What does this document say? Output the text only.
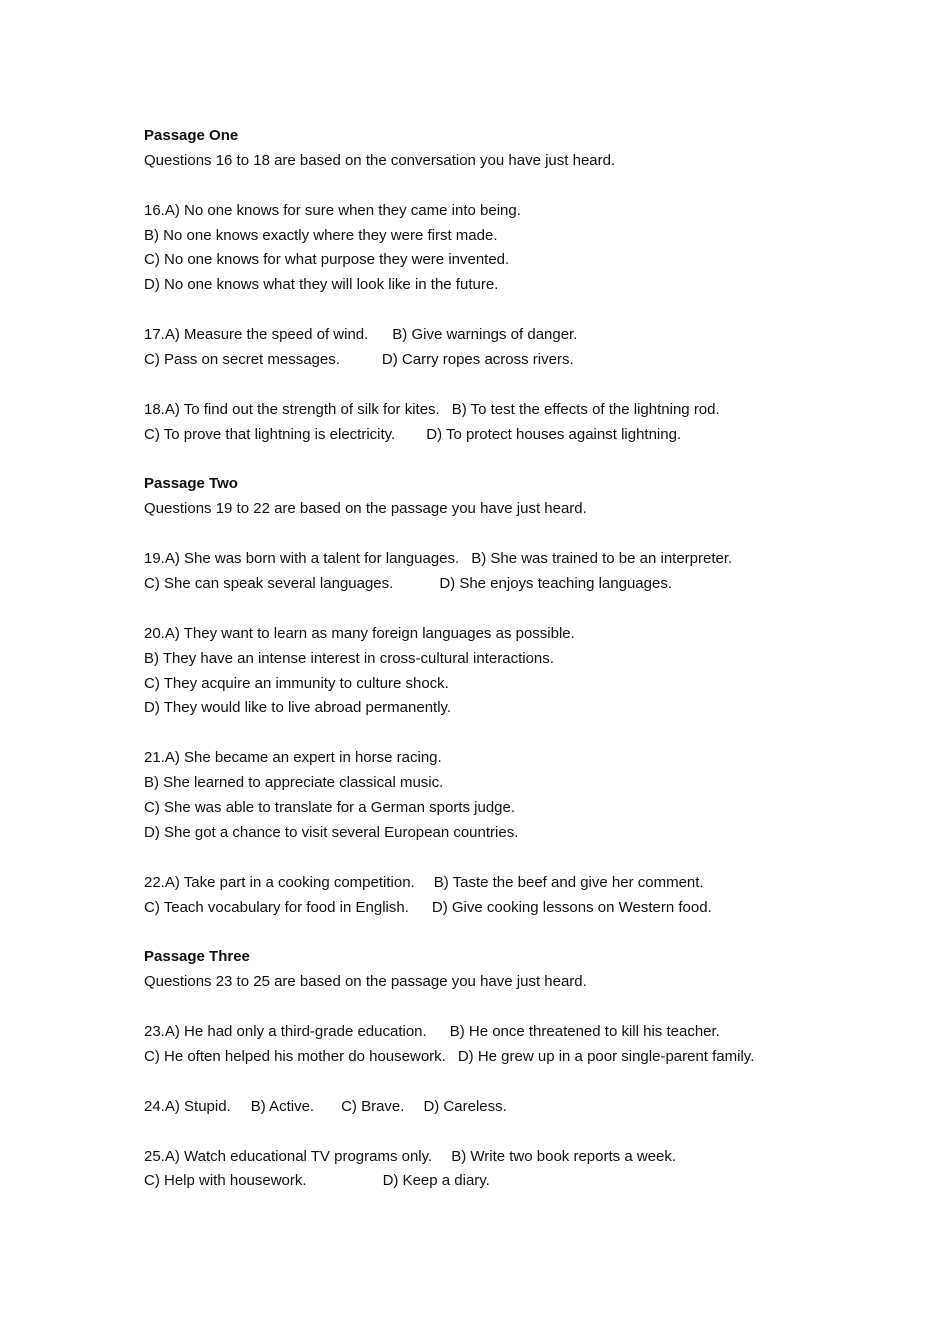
Passage One
Questions 16 to 18 are based on the conversation you have just heard.
16.A) No one knows for sure when they came into being.
B) No one knows exactly where they were first made.
C) No one knows for what purpose they were invented.
D) No one knows what they will look like in the future.
17.A) Measure the speed of wind. B) Give warnings of danger.
C) Pass on secret messages.	D) Carry ropes across rivers.
18.A) To find out the strength of silk for kites. B) To test the effects of the lightning rod.
C) To prove that lightning is electricity. D) To protect houses against lightning.
Passage Two
Questions 19 to 22 are based on the passage you have just heard.
19.A) She was born with a talent for languages. B) She was trained to be an interpreter.
C) She can speak several languages.	D) She enjoys teaching languages.
20.A) They want to learn as many foreign languages as possible.
B) They have an intense interest in cross-cultural interactions.
C) They acquire an immunity to culture shock.
D) They would like to live abroad permanently.
21.A) She became an expert in horse racing.
B) She learned to appreciate classical music.
C) She was able to translate for a German sports judge.
D) She got a chance to visit several European countries.
22.A) Take part in a cooking competition. B) Taste the beef and give her comment.
C) Teach vocabulary for food in English. D) Give cooking lessons on Western food.
Passage Three
Questions 23 to 25 are based on the passage you have just heard.
23.A) He had only a third-grade education. B) He once threatened to kill his teacher.
C) He often helped his mother do housework. D) He grew up in a poor single-parent family.
24.A) Stupid. B) Active. C) Brave. D) Careless.
25.A) Watch educational TV programs only. B) Write two book reports a week.
C) Help with housework.	D) Keep a diary.
